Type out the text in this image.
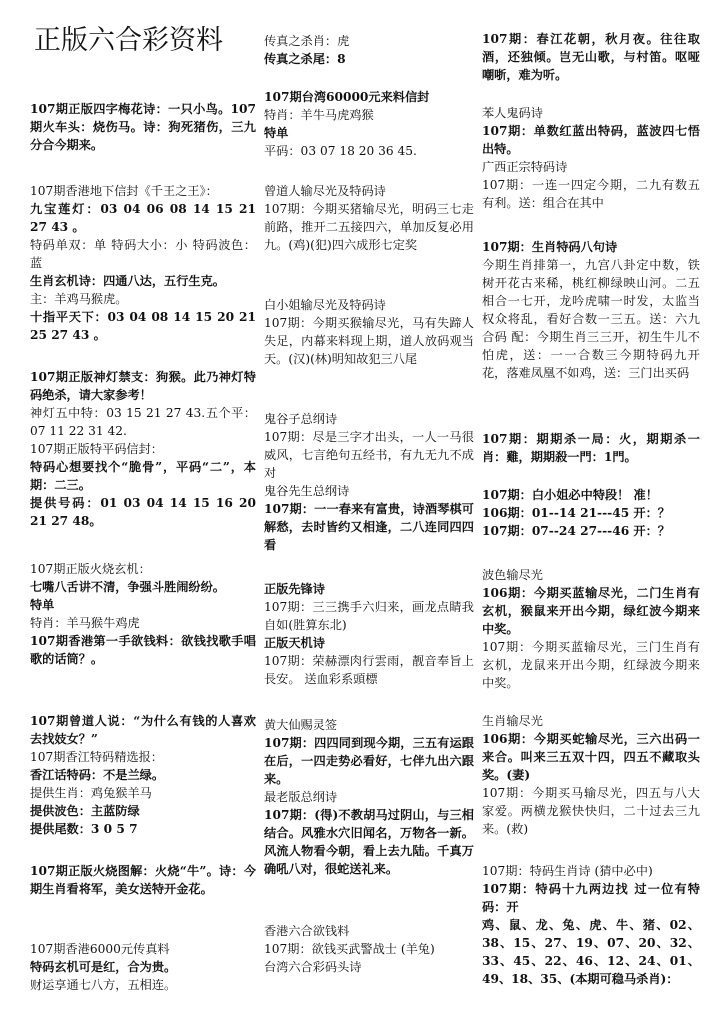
正版六合彩资料

107期正版四字梅花诗：一只小鸟。107期火车头：烧伤马。诗：狗死猪伤，三九分合今期来。

107期香港地下信封《千王之王》：

九宝莲灯：03 04 06 08 14 15 21 27 43 。

特码单双：单 特码大小：小 特码波色：蓝

生肖玄机诗：四通八达，五行生克。

主：羊鸡马猴虎。

十指平天下：03 04 08 14 15 20 21 25 27 43 。

107期正版神灯禁支：狗猴。此乃神灯特码绝杀，请大家参考！

神灯五中特：03 15 21 27 43.五个平：07 11 22 31 42.

107期正版特平码信封：

特码心想要找个“脆骨”，平码“二”，本期：二三。

提供号码：01 03 04 14 15 16 20 21 27 48。

107期正版火烧玄机：

七嘴八舌讲不清，争强斗胜闹纷纷。

特单

特肖：羊马猴牛鸡虎

107期香港第一手欲钱料：欲钱找歌手唱歌的话筒？。

107期曾道人说：“为什么有钱的人喜欢去找妓女？”

107期香江特码精选报：

香江话特码：不是兰绿。

提供生肖：鸡兔猴羊马

提供波色：主蓝防绿

提供尾数：3 0 5 7

107期正版火烧图解：火烧“牛”。诗：今期生肖看将军，美女送特开金花。

107期香港6000元传真料

特码玄机可是红，合为贵。

财运享通七八方，五相连。

传真之杀肖：虎

传真之杀尾：8

107期台湾60000元来料信封

特肖：羊牛马虎鸡猴

特单

平码：03 07 18 20 36 45.

曾道人输尽光及特码诗

107期：今期买猪输尽光，明码三七走前路，推开二五接四六，单加反复必用九。(鸡)(犯)四六成形七定奖

白小姐输尽光及特码诗

107期：今期买猴输尽光，马有失蹄人失足，内幕来料现上期，道人放码观当天。(汉)(林)明知故犯三八尾

鬼谷子总纲诗

107期：尽是三字才出头，一人一马很威风，七言绝句五经书，有九无九不成对

鬼谷先生总纲诗

107期：一一春来有富贵，诗酒琴棋可解愁，去时皆约又相逢，二八连同四四看

正版先锋诗

107期：三三携手六归来，画龙点睛我自如(胜算东北)

正版天机诗

107期：荣赫漂肉行雲雨，靓音奉旨上長安。 送血彩系頭標

黄大仙赐灵签

107期：四四同到现今期，三五有运跟在后，一四走势必看好，七伴九出六跟来。

最老版总纲诗

107期：(得)不教胡马过阴山，与三相结合。风雅水穴旧闻名，万物各一新。风流人物看今朝，看上去九陆。千真万确吼八对，很蛇送礼来。

香港六合欲钱料

107期：欲钱买武警战士 (羊兔)

台湾六合彩码头诗

107期：春江花朝，秋月夜。往往取酒，还独倾。岂无山歌，与村笛。呕哑嘲哳，难为听。

苯人鬼码诗

107期：单数红蓝出特码，蓝波四七悟出特。

广西正宗特码诗

107期：一连一四定今期，二九有数五有利。送：组合在其中

107期：生肖特码八句诗

今期生肖排第一，九宫八卦定中数，铁树开花古来稀，桃红柳绿映山河。二五相合一七开，龙吟虎啸一时发，太监当权众将乱，看好合数一三五。送：六九合码 配：今期生肖三三开，初生牛儿不怕虎，送：一一合数三今期特码九开花，落难凤凰不如鸡，送：三门出买码

107期：期期杀一局：火，期期杀一肖：雞，期期殺一門：1門。

107期：白小姐必中特段！ 准！

106期：01--14 21---45 开：？

107期：07--24 27---46 开：？

波色输尽光

106期：今期买蓝输尽光，二门生肖有玄机，猴鼠来开出今期，绿红波今期来中奖。

107期：今期买蓝输尽光，三门生肖有玄机，龙鼠来开出今期，红绿波今期来中奖。

生肖输尽光

106期：今期买蛇输尽光，三六出码一来合。叫来三五双十四，四五不藏取头奖。(妻)

107期：今期买马输尽光，四五与八大家爱。两横龙猴快快归，二十过去三九来。(救)

107期：特码生肖诗 (猜中必中)

107期：特码十九两边找 过一位有特码：开

鸡、鼠、龙、兔、虎、牛、猪、02、38、15、27、19、07、20、32、33、45、22、46、12、24、01、49、18、35、(本期可稳马杀肖)：
